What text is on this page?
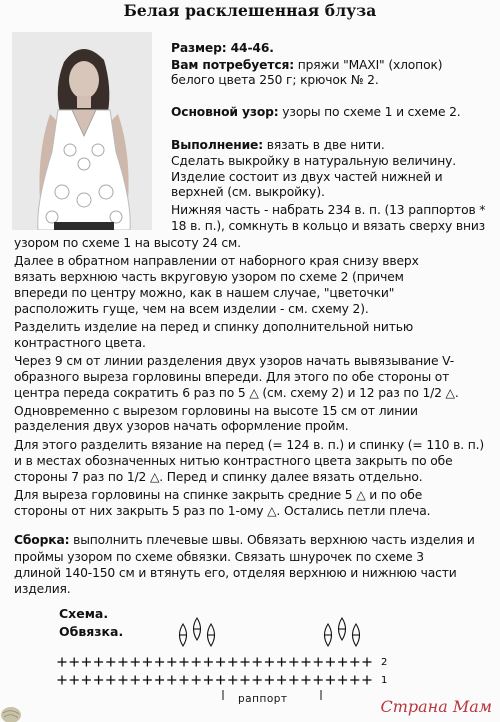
Белая расклешенная блуза
Размер: 44-46.
Вам потребуется: пряжи "MAXI" (хлопок)
белого цвета 250 г; крючок № 2.
Основной узор: узоры по схеме 1 и схеме 2.
Выполнение: вязать в две нити.
Сделать выкройку в натуральную величину.
Изделие состоит из двух частей нижней и
верхней (см. выкройку).
Нижняя часть - набрать 234 в. п. (13 раппортов *
18 в. п.), сомкнуть в кольцо и вязать сверху вниз
узором по схеме 1 на высоту 24 см.
Далее в обратном направлении от наборного края снизу вверх
вязать верхнюю часть вкруговую узором по схеме 2 (причем
впереди по центру можно, как в нашем случае, "цветочки"
расположить гуще, чем на всем изделии - см. схему 2).
Разделить изделие на перед и спинку дополнительной нитью
контрастного цвета.
Через 9 см от линии разделения двух узоров начать вывязывание V-
образного выреза горловины впереди. Для этого по обе стороны от
центра переда сократить 6 раз по 5 △ (см. схему 2) и 12 раз по 1/2 △.
Одновременно с вырезом горловины на высоте 15 см от линии
разделения двух узоров начать оформление пройм.
Для этого разделить вязание на перед (= 124 в. п.) и спинку (= 110 в. п.)
и в местах обозначенных нитью контрастного цвета закрыть по обе
стороны 7 раз по 1/2 △. Перед и спинку далее вязать отдельно.
Для выреза горловины на спинке закрыть средние 5 △ и по обе
стороны от них закрыть 5 раз по 1-ому △. Остались петли плеча.
Сборка: выполнить плечевые швы. Обвязать верхнюю часть изделия и
проймы узором по схеме обвязки. Связать шнурочек по схеме 3
длиной 140-150 см и втянуть его, отделяя верхнюю и нижнюю части
изделия.
Схема.
Обвязка.
2
1
раппорт	Страна Мам
